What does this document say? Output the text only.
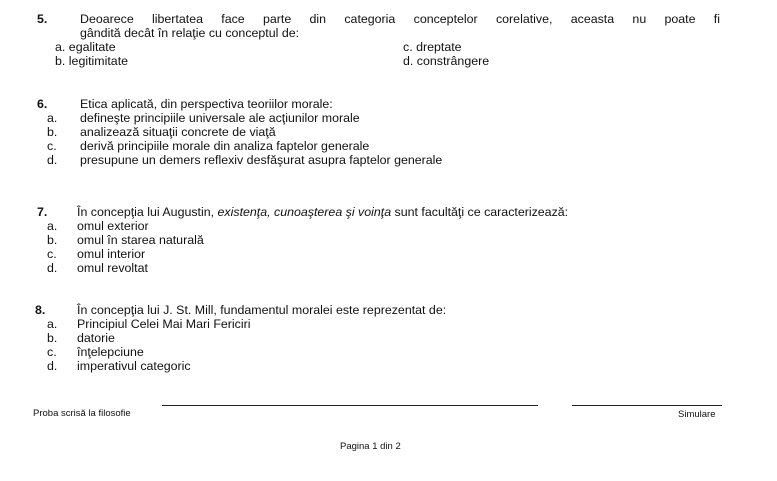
5.	Deoarece libertatea face parte din categoria conceptelor corelative, aceasta nu poate fi
gândită decât în relaţie cu conceptul de:
a. egalitate
b. legitimitate
c. dreptate
d. constrângere
6.	Etica aplicată, din perspectiva teoriilor morale:
a. defineşte principiile universale ale acţiunilor morale
b. analizează situaţii concrete de viaţă
c. derivă principiile morale din analiza faptelor generale
d. presupune un demers reflexiv desfăşurat asupra faptelor generale
7. În concepţia lui Augustin, existenţa, cunoaşterea şi voinţa sunt facultăţi ce caracterizează:
a. omul exterior
b. omul în starea naturală
c. omul interior
d. omul revoltat
8.	În concepţia lui J. St. Mill, fundamentul moralei este reprezentat de:
a. Principiul Celei Mai Mari Fericiri
b. datorie
c. înţelepciune
d. imperativul categoric
Proba scrisă la filosofie	Simulare
Pagina 1 din 2
